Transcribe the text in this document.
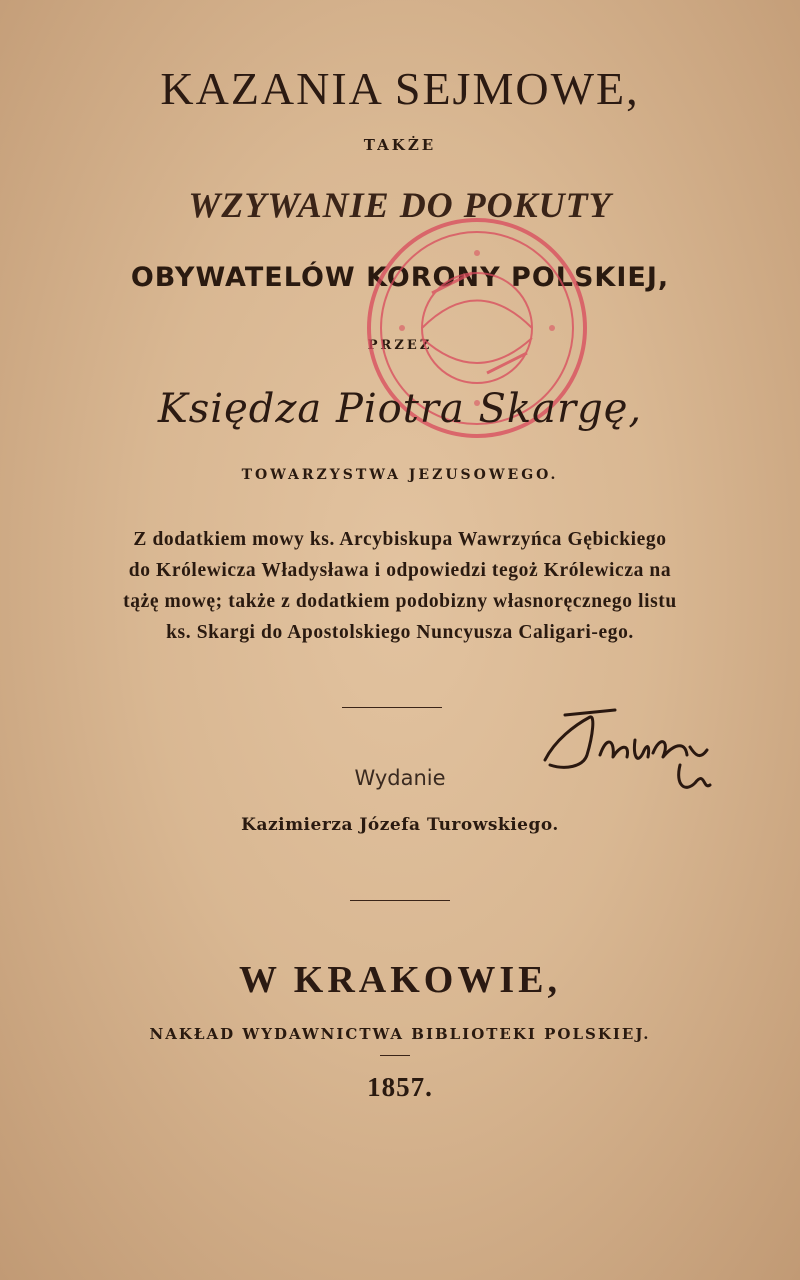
KAZANIA SEJMOWE,
TAKŻE
WZYWANIE DO POKUTY
OBYWATELÓW KORONY POLSKIEJ,
PRZEZ
Księdza Piotra Skargę,
TOWARZYSTWA JEZUSOWEGO.
Z dodatkiem mowy ks. Arcybiskupa Wawrzyńca Gębickiego
do Królewicza Władysława i odpowiedzi tegoż Królewicza na
tążę mowę; także z dodatkiem podobizny własnoręcznego listu
ks. Skargi do Apostolskiego Nuncyusza Caligari-ego.
Wydanie
Kazimierza Józefa Turowskiego.
W KRAKOWIE,
NAKŁAD WYDAWNICTWA BIBLIOTEKI POLSKIEJ.
1857.
